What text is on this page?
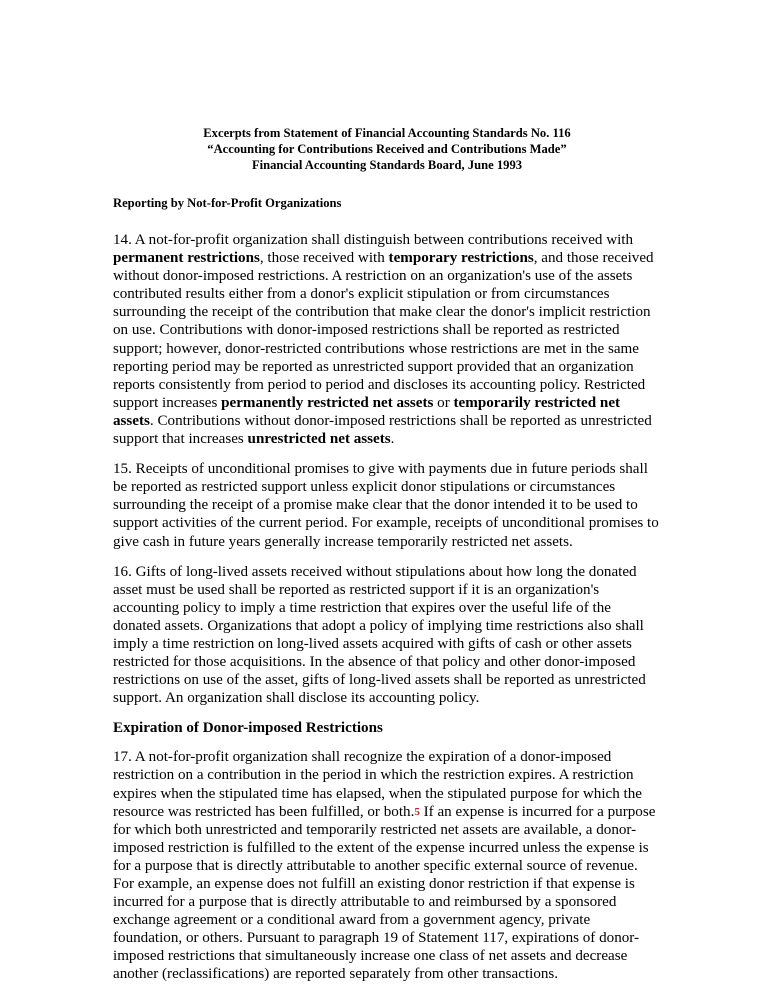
Excerpts from Statement of Financial Accounting Standards No. 116
“Accounting for Contributions Received and Contributions Made”
Financial Accounting Standards Board, June 1993
Reporting by Not-for-Profit Organizations

14. A not-for-profit organization shall distinguish between contributions received with permanent restrictions, those received with temporary restrictions, and those received without donor-imposed restrictions. A restriction on an organization's use of the assets contributed results either from a donor's explicit stipulation or from circumstances surrounding the receipt of the contribution that make clear the donor's implicit restriction on use. Contributions with donor-imposed restrictions shall be reported as restricted support; however, donor-restricted contributions whose restrictions are met in the same reporting period may be reported as unrestricted support provided that an organization reports consistently from period to period and discloses its accounting policy. Restricted support increases permanently restricted net assets or temporarily restricted net assets. Contributions without donor-imposed restrictions shall be reported as unrestricted support that increases unrestricted net assets.

15. Receipts of unconditional promises to give with payments due in future periods shall be reported as restricted support unless explicit donor stipulations or circumstances surrounding the receipt of a promise make clear that the donor intended it to be used to support activities of the current period. For example, receipts of unconditional promises to give cash in future years generally increase temporarily restricted net assets.

16. Gifts of long-lived assets received without stipulations about how long the donated asset must be used shall be reported as restricted support if it is an organization's accounting policy to imply a time restriction that expires over the useful life of the donated assets. Organizations that adopt a policy of implying time restrictions also shall imply a time restriction on long-lived assets acquired with gifts of cash or other assets restricted for those acquisitions. In the absence of that policy and other donor-imposed restrictions on use of the asset, gifts of long-lived assets shall be reported as unrestricted support. An organization shall disclose its accounting policy.

Expiration of Donor-imposed Restrictions

17. A not-for-profit organization shall recognize the expiration of a donor-imposed restriction on a contribution in the period in which the restriction expires. A restriction expires when the stipulated time has elapsed, when the stipulated purpose for which the resource was restricted has been fulfilled, or both.5 If an expense is incurred for a purpose for which both unrestricted and temporarily restricted net assets are available, a donor-imposed restriction is fulfilled to the extent of the expense incurred unless the expense is for a purpose that is directly attributable to another specific external source of revenue. For example, an expense does not fulfill an existing donor restriction if that expense is incurred for a purpose that is directly attributable to and reimbursed by a sponsored exchange agreement or a conditional award from a government agency, private foundation, or others. Pursuant to paragraph 19 of Statement 117, expirations of donor-imposed restrictions that simultaneously increase one class of net assets and decrease another (reclassifications) are reported separately from other transactions.
